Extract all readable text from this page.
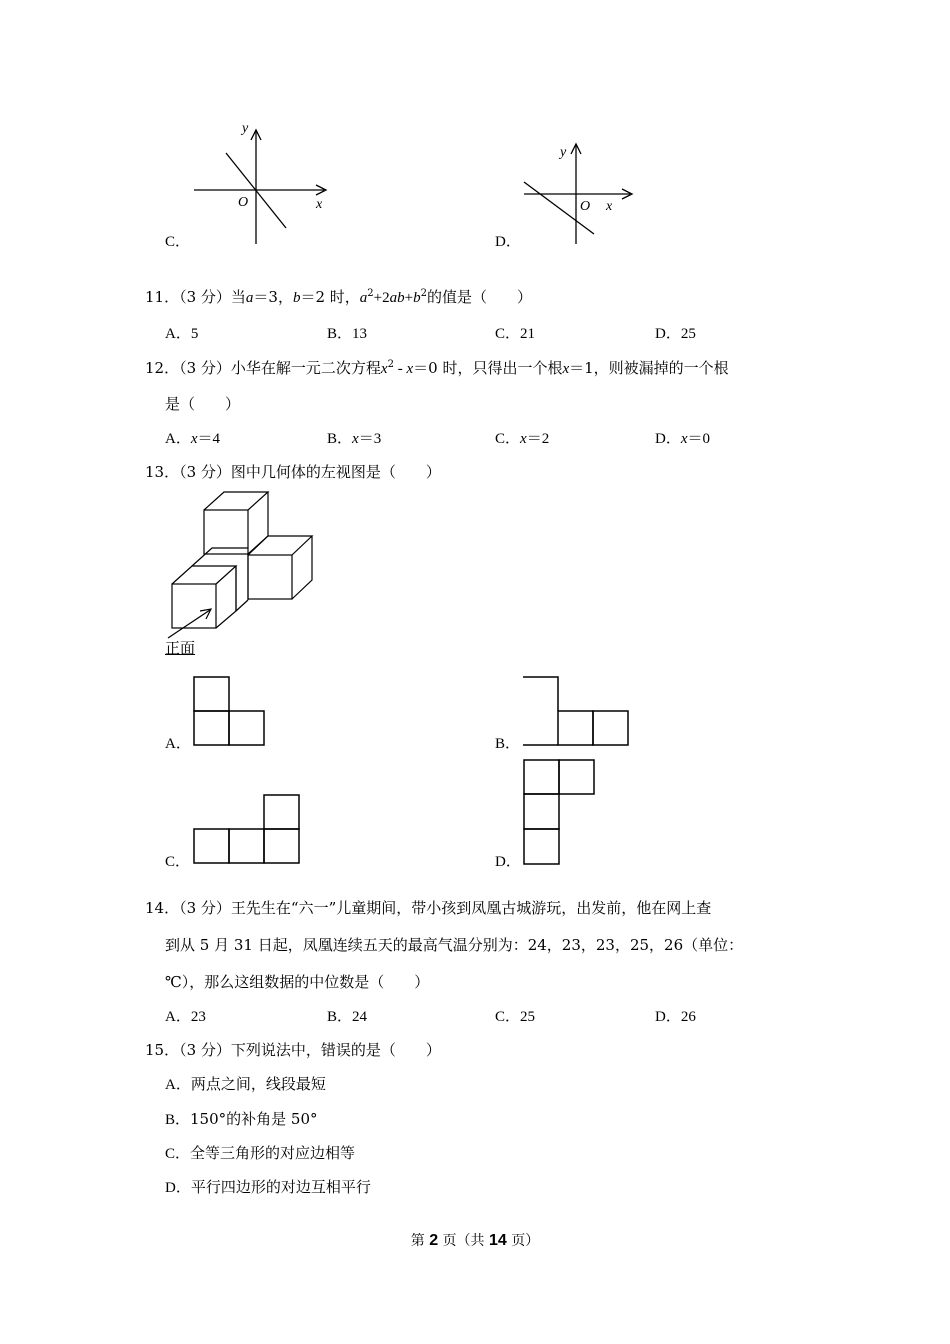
C．
y
O	x
D．
y
O x
11．（3 分）当a＝3，b＝2 时，$a^2+2ab+b^2$的值是（　　）
A．5	B．13	C．21	D．25
12．（3 分）小华在解一元二次方程$x^2 - x=0$ 时，只得出一个根x＝1，则被漏掉的一个根
是（　　）
A．x＝4	B．x＝3	C．x＝2	D．x＝0
13．（3 分）图中几何体的左视图是（　　）
正面
A．	B．
C．	D．
14．（3 分）王先生在“六一”儿童期间，带小孩到凤凰古城游玩，出发前，他在网上查
到从 5 月 31 日起，凤凰连续五天的最高气温分别为：24，23，23，25，26（单位：
℃），那么这组数据的中位数是（　　）
A．23	B．24	C．25	D．26
15．（3 分）下列说法中，错误的是（　　）
A．两点之间，线段最短
B．150°的补角是 50°
C．全等三角形的对应边相等
D．平行四边形的对边互相平行
第 2 页（共 14 页）
